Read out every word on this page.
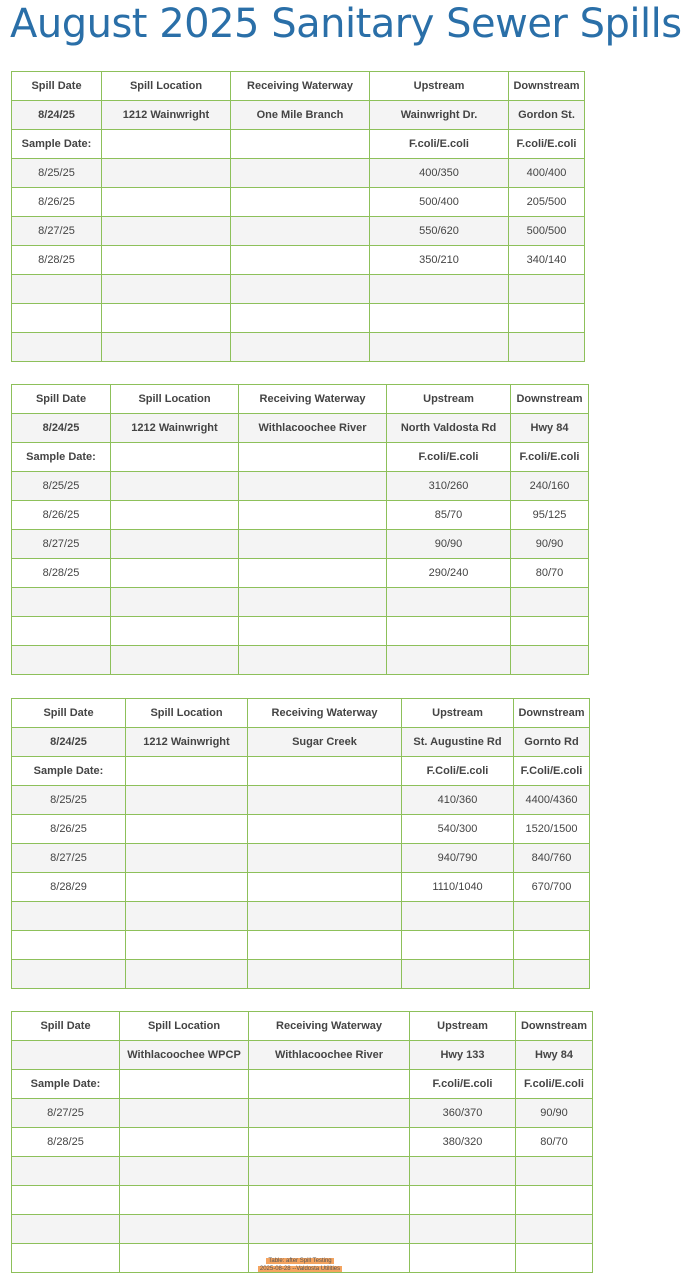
August 2025 Sanitary Sewer Spills
Spill Date	Spill Location	Receiving Waterway	Upstream	Downstream
8/24/25	1212 Wainwright	One Mile Branch	Wainwright Dr.	Gordon St.
Sample Date:			F.coli/E.coli	F.coli/E.coli
8/25/25			400/350	400/400
8/26/25			500/400	205/500
8/27/25			550/620	500/500
8/28/25			350/210	340/140

Spill Date	Spill Location	Receiving Waterway	Upstream	Downstream
8/24/25	1212 Wainwright	Withlacoochee River	North Valdosta Rd	Hwy 84
Sample Date:			F.coli/E.coli	F.coli/E.coli
8/25/25			310/260	240/160
8/26/25			85/70	95/125
8/27/25			90/90	90/90
8/28/25			290/240	80/70

Spill Date	Spill Location	Receiving Waterway	Upstream	Downstream
8/24/25	1212 Wainwright	Sugar Creek	St. Augustine Rd	Gornto Rd
Sample Date:			F.Coli/E.coli	F.Coli/E.coli
8/25/25			410/360	4400/4360
8/26/25			540/300	1520/1500
8/27/25			940/790	840/760
8/28/29			1110/1040	670/700

Spill Date	Spill Location	Receiving Waterway	Upstream	Downstream
	Withlacoochee WPCP	Withlacoochee River	Hwy 133	Hwy 84
Sample Date:			F.coli/E.coli	F.coli/E.coli
8/27/25			360/370	90/90
8/28/25			380/320	80/70

Table: after Spill Testing
2025-08-28 --Valdosta Utilities
